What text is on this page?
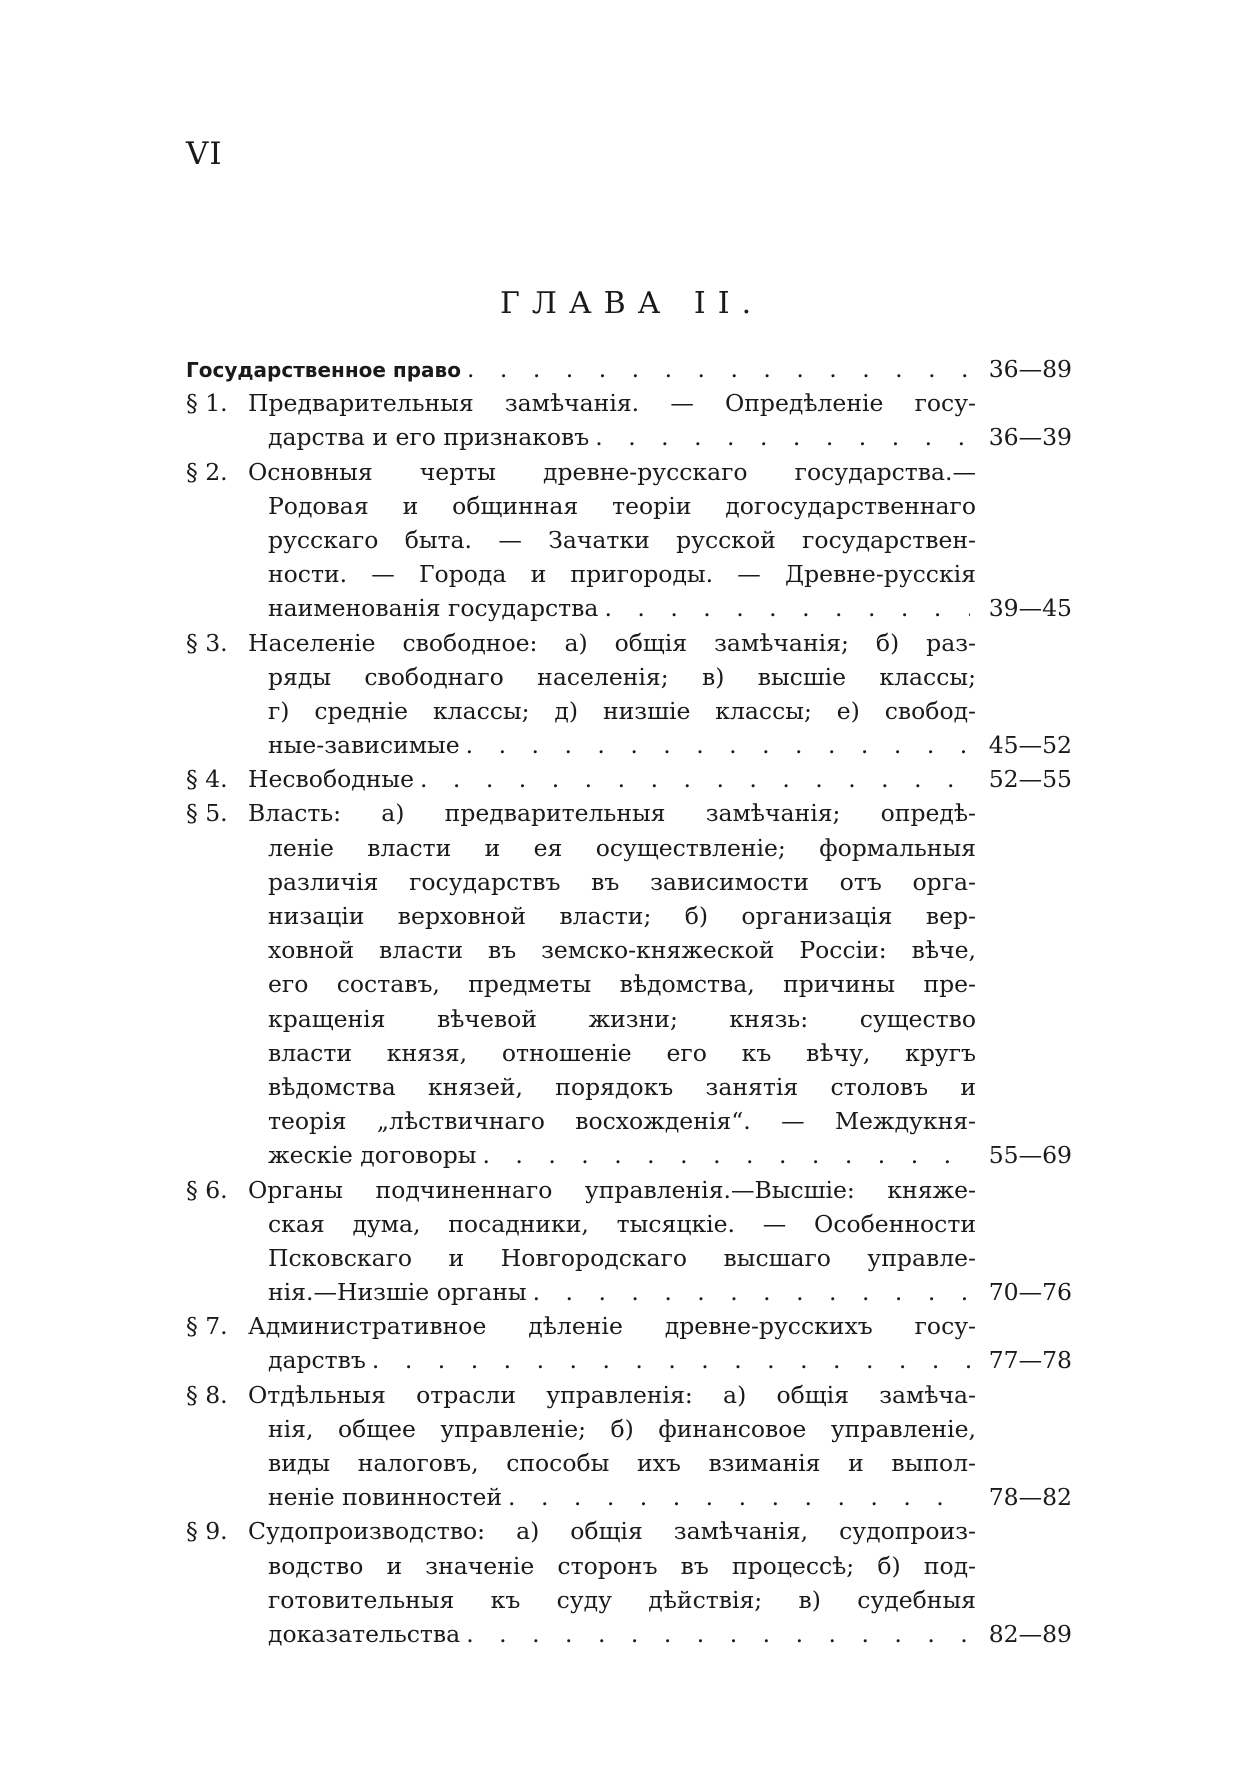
VI
ГЛАВА II.
Государственное право . . .	36—89
§ 1. Предварительныя замѣчанія. — Опредѣленіе госу-
дарства и его признаковъ . . .	36—39
§ 2. Основныя черты древне-русскаго государства.—
Родовая и общинная теоріи догосударственнаго
русскаго быта. — Зачатки русской государствен-
ности. — Города и пригороды. — Древне-русскія
наименованія государства . . .	39—45
§ 3. Населеніе свободное: а) общія замѣчанія; б) раз-
ряды свободнаго населенія; в) высшіе классы;
г) средніе классы; д) низшіе классы; е) свобод-
ные-зависимые . . .	45—52
§ 4. Несвободные . . .	52—55
§ 5. Власть: а) предварительныя замѣчанія; опредѣ-
леніе власти и ея осуществленіе; формальныя
различія государствъ въ зависимости отъ орга-
низаціи верховной власти; б) организація вер-
ховной власти въ земско-княжеской Россіи: вѣче,
его составъ, предметы вѣдомства, причины пре-
кращенія вѣчевой жизни; князь: существо
власти князя, отношеніе его къ вѣчу, кругъ
вѣдомства князей, порядокъ занятія столовъ и
теорія „лѣствичнаго восхожденія“. — Междукня-
жескіе договоры . . .	55—69
§ 6. Органы подчиненнаго управленія.—Высшіе: княже-
ская дума, посадники, тысяцкіе. — Особенности
Псковскаго и Новгородскаго высшаго управле-
нія.—Низшіе органы . . .	70—76
§ 7. Административное дѣленіе древне-русскихъ госу-
дарствъ . . .	77—78
§ 8. Отдѣльныя отрасли управленія: а) общія замѣча-
нія, общее управленіе; б) финансовое управленіе,
виды налоговъ, способы ихъ взиманія и выпол-
неніе повинностей . . .	78—82
§ 9. Судопроизводство: а) общія замѣчанія, судопроиз-
водство и значеніе сторонъ въ процессѣ; б) под-
готовительныя къ суду дѣйствія; в) судебныя
доказательства . . .	82—89
